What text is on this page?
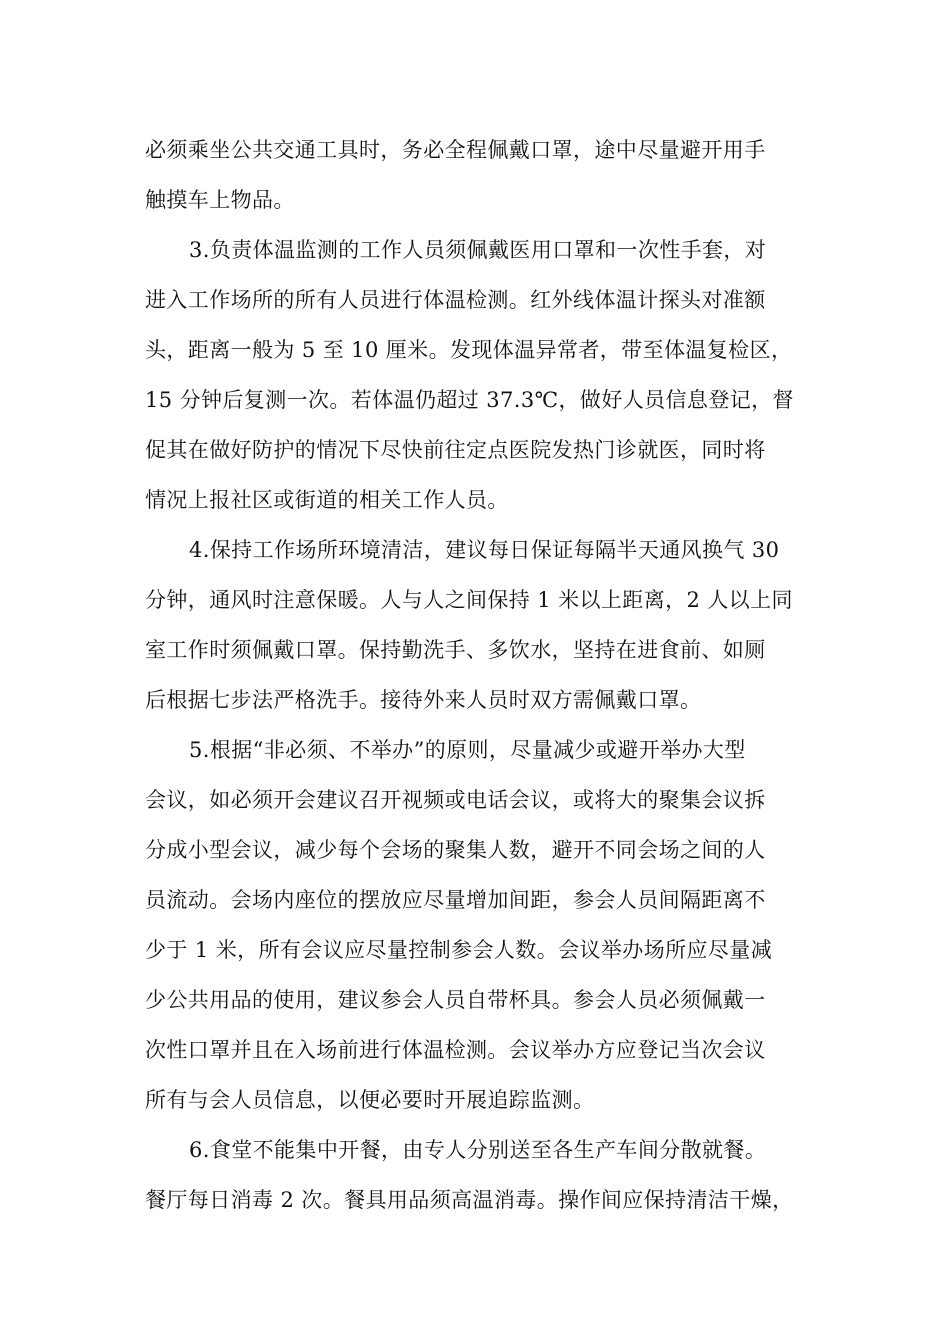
必须乘坐公共交通工具时，务必全程佩戴口罩，途中尽量避开用手
触摸车上物品。
3.负责体温监测的工作人员须佩戴医用口罩和一次性手套，对
进入工作场所的所有人员进行体温检测。红外线体温计探头对准额
头，距离一般为 5 至 10 厘米。发现体温异常者，带至体温复检区，
15 分钟后复测一次。若体温仍超过 37.3℃，做好人员信息登记，督
促其在做好防护的情况下尽快前往定点医院发热门诊就医，同时将
情况上报社区或街道的相关工作人员。
4.保持工作场所环境清洁，建议每日保证每隔半天通风换气 30
分钟，通风时注意保暖。人与人之间保持 1 米以上距离，2 人以上同
室工作时须佩戴口罩。保持勤洗手、多饮水，坚持在进食前、如厕
后根据七步法严格洗手。接待外来人员时双方需佩戴口罩。
5.根据“非必须、不举办”的原则，尽量减少或避开举办大型
会议，如必须开会建议召开视频或电话会议，或将大的聚集会议拆
分成小型会议，减少每个会场的聚集人数，避开不同会场之间的人
员流动。会场内座位的摆放应尽量增加间距，参会人员间隔距离不
少于 1 米，所有会议应尽量控制参会人数。会议举办场所应尽量减
少公共用品的使用，建议参会人员自带杯具。参会人员必须佩戴一
次性口罩并且在入场前进行体温检测。会议举办方应登记当次会议
所有与会人员信息，以便必要时开展追踪监测。
6.食堂不能集中开餐，由专人分别送至各生产车间分散就餐。
餐厅每日消毒 2 次。餐具用品须高温消毒。操作间应保持清洁干燥，
